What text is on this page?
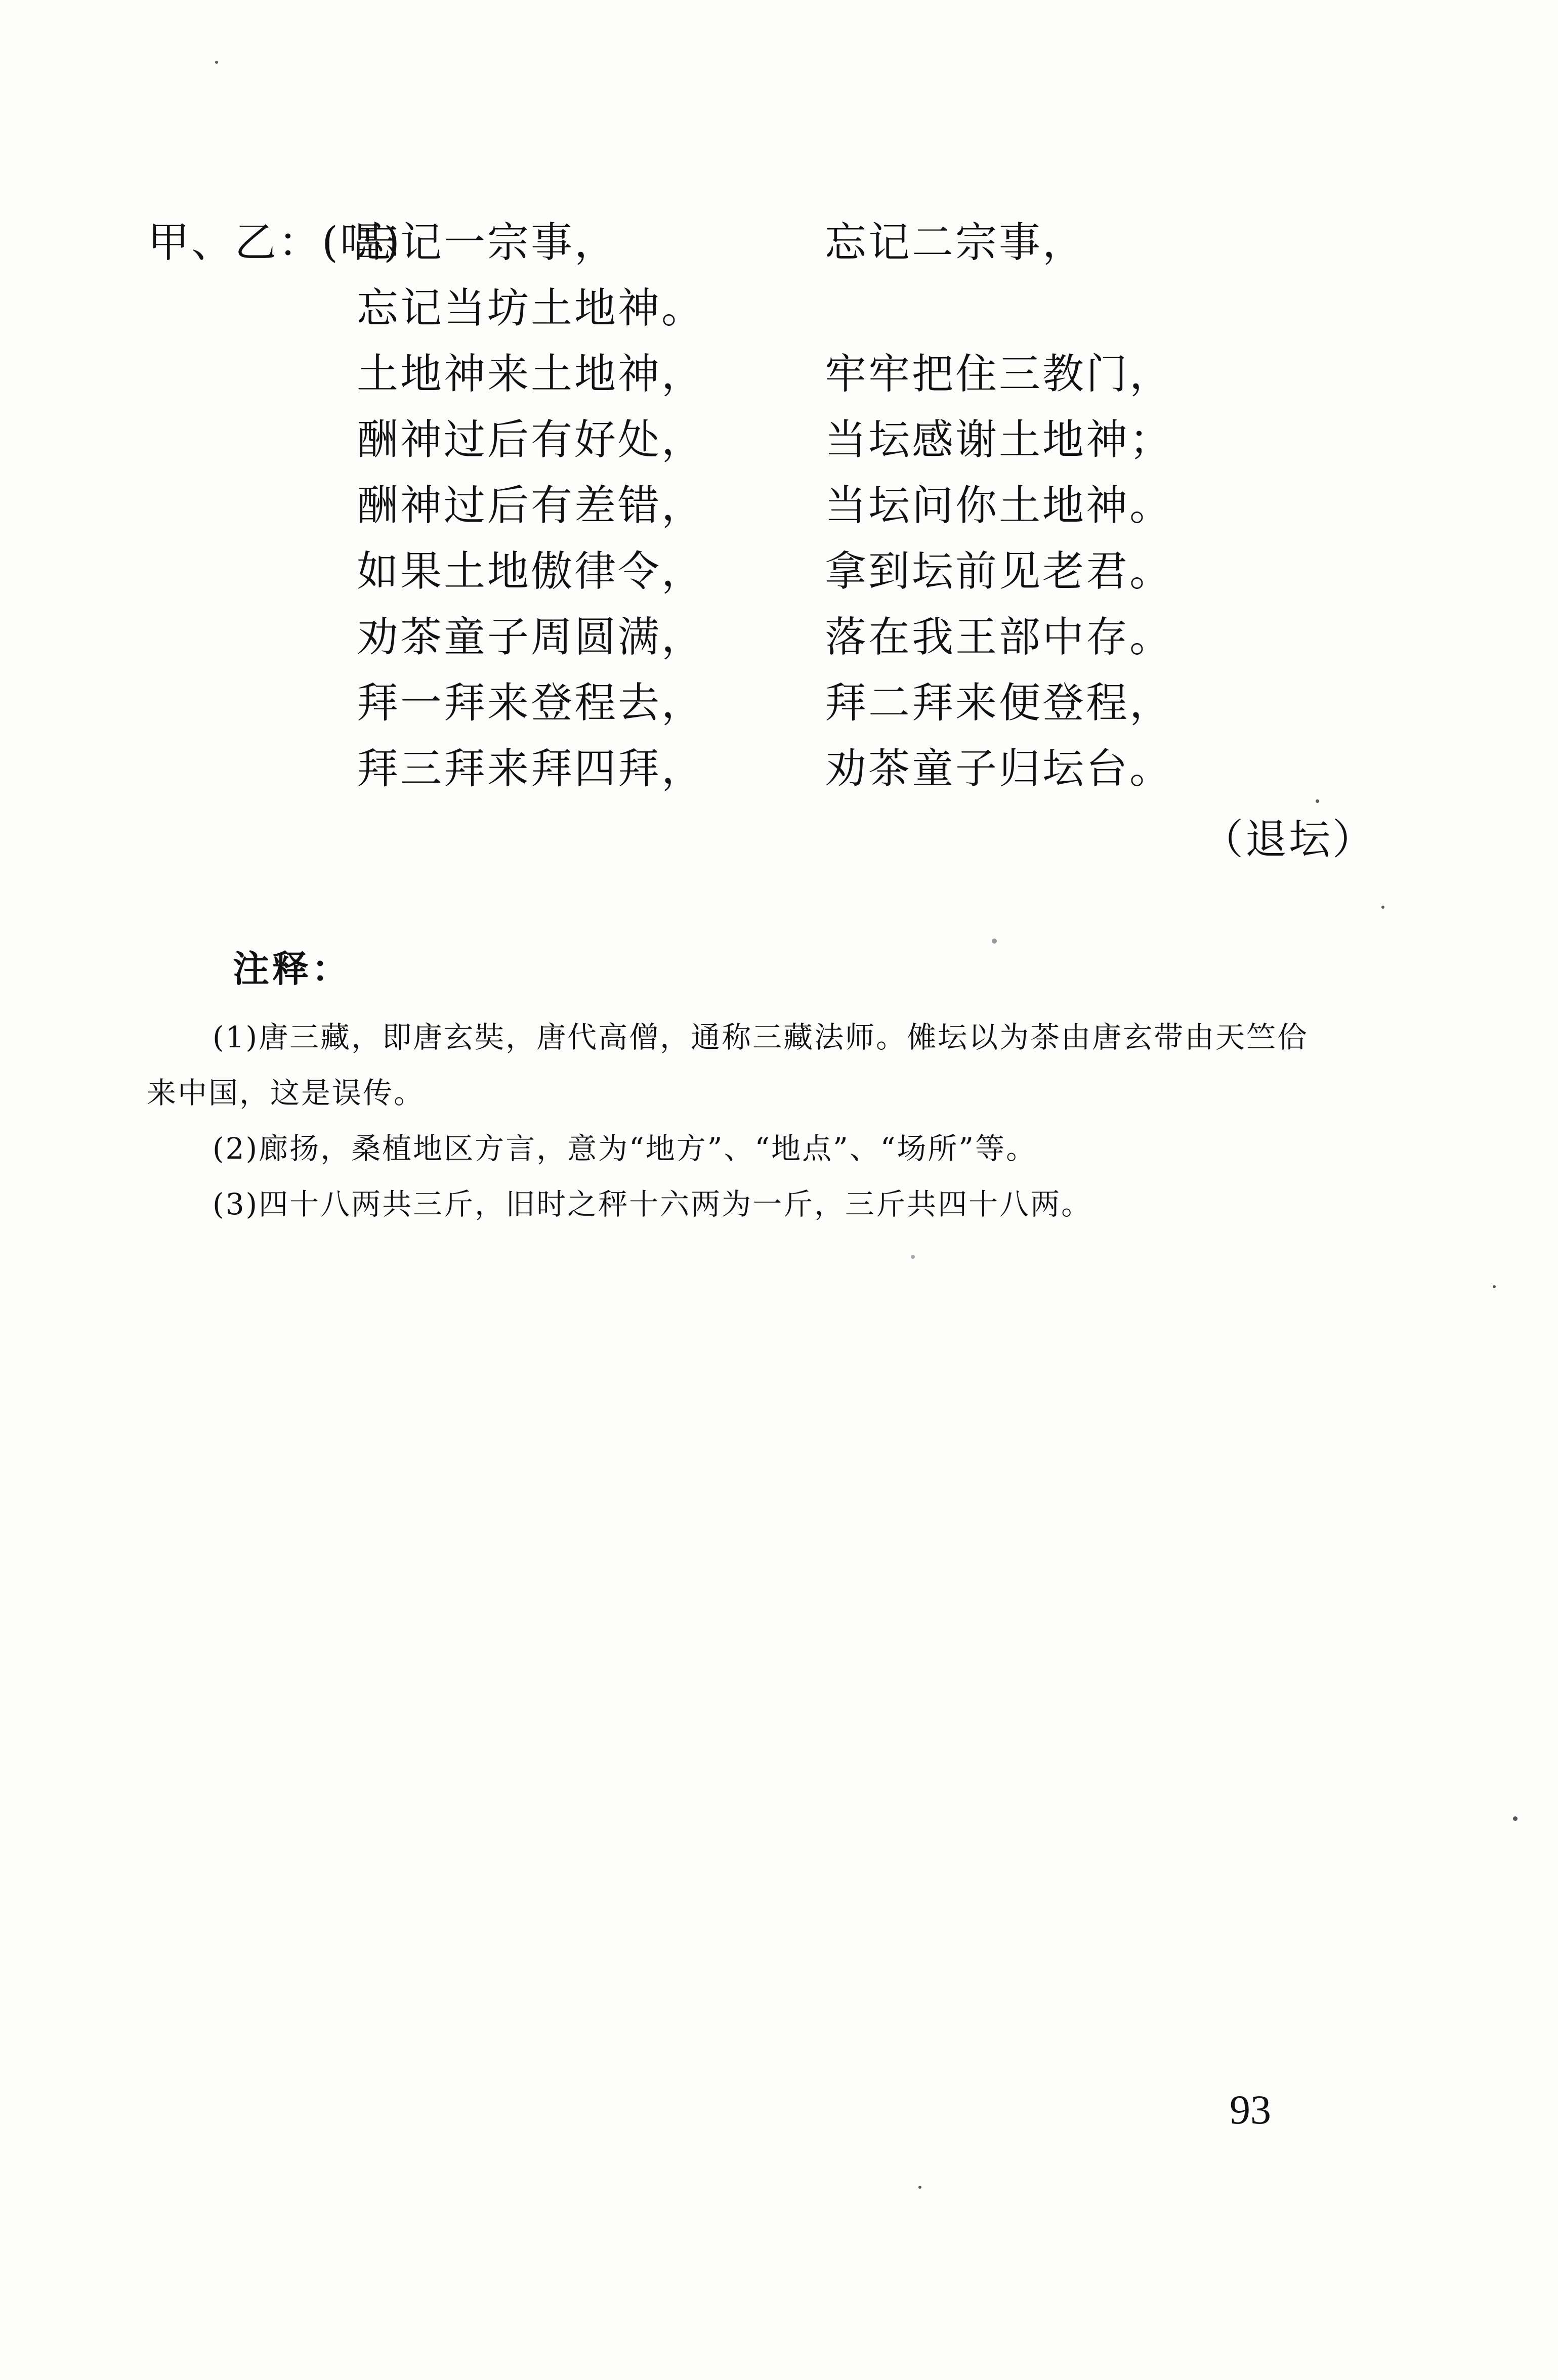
甲、乙：(唱)
忘记一宗事，	忘记二宗事，
忘记当坊土地神。
土地神来土地神，	牢牢把住三教门，
酬神过后有好处，	当坛感谢土地神；
酬神过后有差错，	当坛问你土地神。
如果土地傲律令，	拿到坛前见老君。
劝茶童子周圆满，	落在我王部中存。
拜一拜来登程去，	拜二拜来便登程，
拜三拜来拜四拜，	劝茶童子归坛台。
（退坛）
注释：
(1)唐三藏，即唐玄奘，唐代高僧，通称三藏法师。傩坛以为茶由唐玄带由天竺佮
来中国，这是误传。
(2)廊扬，桑植地区方言，意为“地方”、“地点”、“场所”等。
(3)四十八两共三斤，旧时之秤十六两为一斤，三斤共四十八两。
93
